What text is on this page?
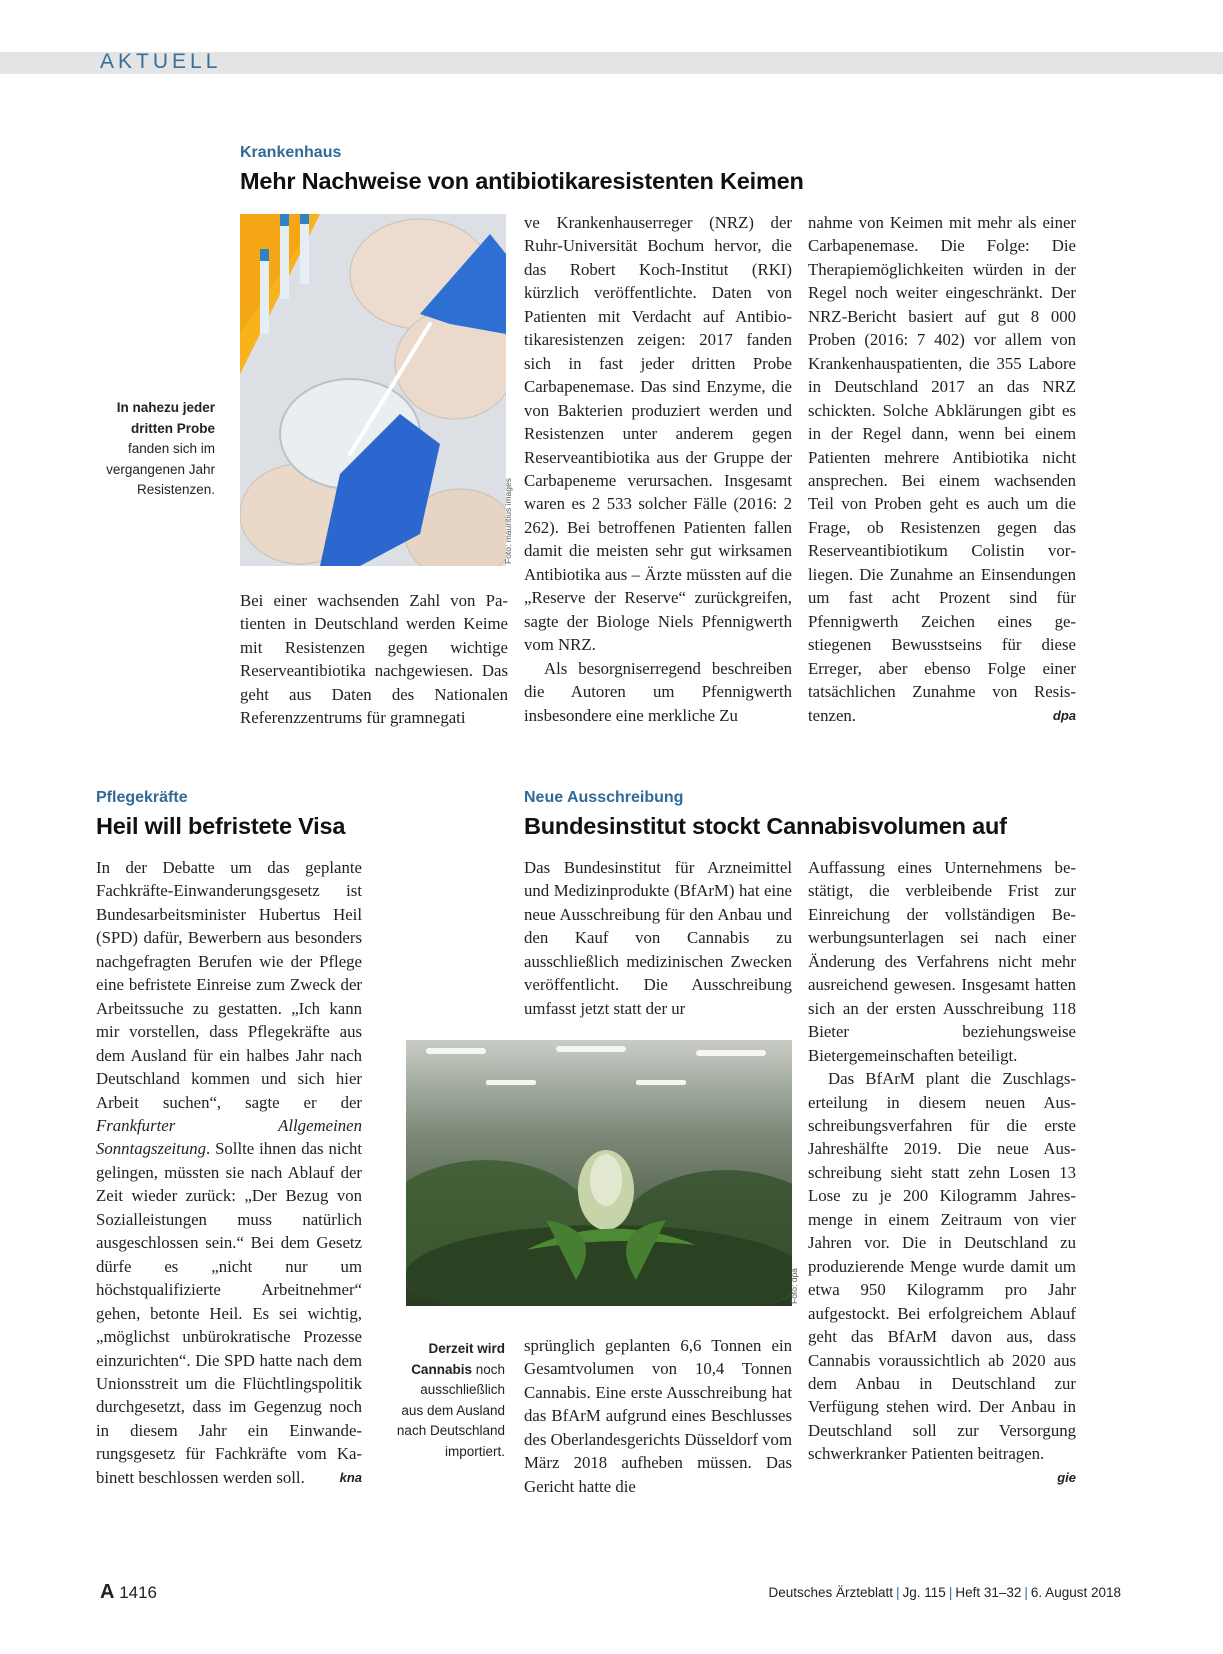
AKTUELL
Krankenhaus
Mehr Nachweise von antibiotikaresistenten Keimen
In nahezu jeder dritten Probe
fanden sich im vergangenen Jahr Resistenzen.	Foto: mauritius images

Bei einer wachsenden Zahl von Patienten in Deutschland werden Keime mit Resistenzen gegen wichtige Reserveantibiotika nachgewiesen. Das geht aus Daten des Nationalen Referenzzentrums für gramnegati

ve Krankenhauserreger (NRZ) der Ruhr-Universität Bochum hervor, die das Robert Koch-Institut (RKI) kürzlich veröffentlichte. Daten von Patienten mit Verdacht auf Antibiotikaresistenzen zeigen: 2017 fanden sich in fast jeder dritten Probe Carbapenemase. Das sind Enzyme, die von Bakterien produziert werden und Resistenzen unter anderem gegen Reserveantibiotika aus der Gruppe der Carbapeneme verursachen. Insgesamt waren es 2 533 solcher Fälle (2016: 2 262). Bei betroffenen Patienten fallen damit die meisten sehr gut wirksamen Antibiotika aus – Ärzte müssten auf die „Reserve der Reserve“ zurückgreifen, sagte der Biologe Niels Pfennigwerth vom NRZ.

Als besorgniserregend beschreiben die Autoren um Pfennigwerth insbesondere eine merkliche Zu

nahme von Keimen mit mehr als einer Carbapenemase. Die Folge: Die Therapiemöglichkeiten würden in der Regel noch weiter eingeschränkt. Der NRZ-Bericht basiert auf gut 8 000 Proben (2016: 7 402) vor allem von Krankenhauspatienten, die 355 Labore in Deutschland 2017 an das NRZ schickten. Solche Abklärungen gibt es in der Regel dann, wenn bei einem Patienten mehrere Antibiotika nicht ansprechen. Bei einem wachsenden Teil von Proben geht es auch um die Frage, ob Resistenzen gegen das Reserveantibiotikum Colistin vorliegen. Die Zunahme an Einsendungen um fast acht Prozent sind für Pfennigwerth Zeichen eines gestiegenen Bewusstseins für diese Erreger, aber ebenso Folge einer tatsächlichen Zunahme von Resistenzen.	dpa

Pflegekräfte
Heil will befristete Visa

In der Debatte um das geplante Fachkräfte-Einwanderungsgesetz ist Bundesarbeitsminister Hubertus Heil (SPD) dafür, Bewerbern aus besonders nachgefragten Berufen wie der Pflege eine befristete Einreise zum Zweck der Arbeitssuche zu gestatten. „Ich kann mir vorstellen, dass Pflegekräfte aus dem Ausland für ein halbes Jahr nach Deutschland kommen und sich hier Arbeit suchen“, sagte er der Frankfurter Allgemeinen Sonntagszeitung. Sollte ihnen das nicht gelingen, müssten sie nach Ablauf der Zeit wieder zurück: „Der Bezug von Sozialleistungen muss natürlich ausgeschlossen sein.“ Bei dem Gesetz dürfe es „nicht nur um höchstqualifizierte Arbeitnehmer“ gehen, betonte Heil. Es sei wichtig, „möglichst unbürokratische Prozesse einzurichten“. Die SPD hatte nach dem Unionsstreit um die Flüchtlingspolitik durchgesetzt, dass im Gegenzug noch in diesem Jahr ein Einwanderungsgesetz für Fachkräfte vom Kabinett beschlossen werden soll.	kna

Neue Ausschreibung
Bundesinstitut stockt Cannabisvolumen auf

Das Bundesinstitut für Arzneimittel und Medizinprodukte (BfArM) hat eine neue Ausschreibung für den Anbau und den Kauf von Cannabis zu ausschließlich medizinischen Zwecken veröffentlicht. Die Ausschreibung umfasst jetzt statt der ur

Foto: dpa
Derzeit wird
Cannabis noch ausschließlich aus dem Ausland nach Deutschland importiert.

sprünglich geplanten 6,6 Tonnen ein Gesamtvolumen von 10,4 Tonnen Cannabis. Eine erste Ausschreibung hat das BfArM aufgrund eines Beschlusses des Oberlandesgerichts Düsseldorf vom März 2018 aufheben müssen. Das Gericht hatte die

Auffassung eines Unternehmens bestätigt, die verbleibende Frist zur Einreichung der vollständigen Bewerbungsunterlagen sei nach einer Änderung des Verfahrens nicht mehr ausreichend gewesen. Insgesamt hatten sich an der ersten Ausschreibung 118 Bieter beziehungsweise Bietergemeinschaften beteiligt.

Das BfArM plant die Zuschlagserteilung in diesem neuen Ausschreibungsverfahren für die erste Jahreshälfte 2019. Die neue Ausschreibung sieht statt zehn Losen 13 Lose zu je 200 Kilogramm Jahresmenge in einem Zeitraum von vier Jahren vor. Die in Deutschland zu produzierende Menge wurde damit um etwa 950 Kilogramm pro Jahr aufgestockt. Bei erfolgreichem Ablauf geht das BfArM davon aus, dass Cannabis voraussichtlich ab 2020 aus dem Anbau in Deutschland zur Verfügung stehen wird. Der Anbau in Deutschland soll zur Versorgung schwerkranker Patienten beitragen.
gie

A 1416	Deutsches Ärzteblatt | Jg. 115 | Heft 31–32 | 6. August 2018
